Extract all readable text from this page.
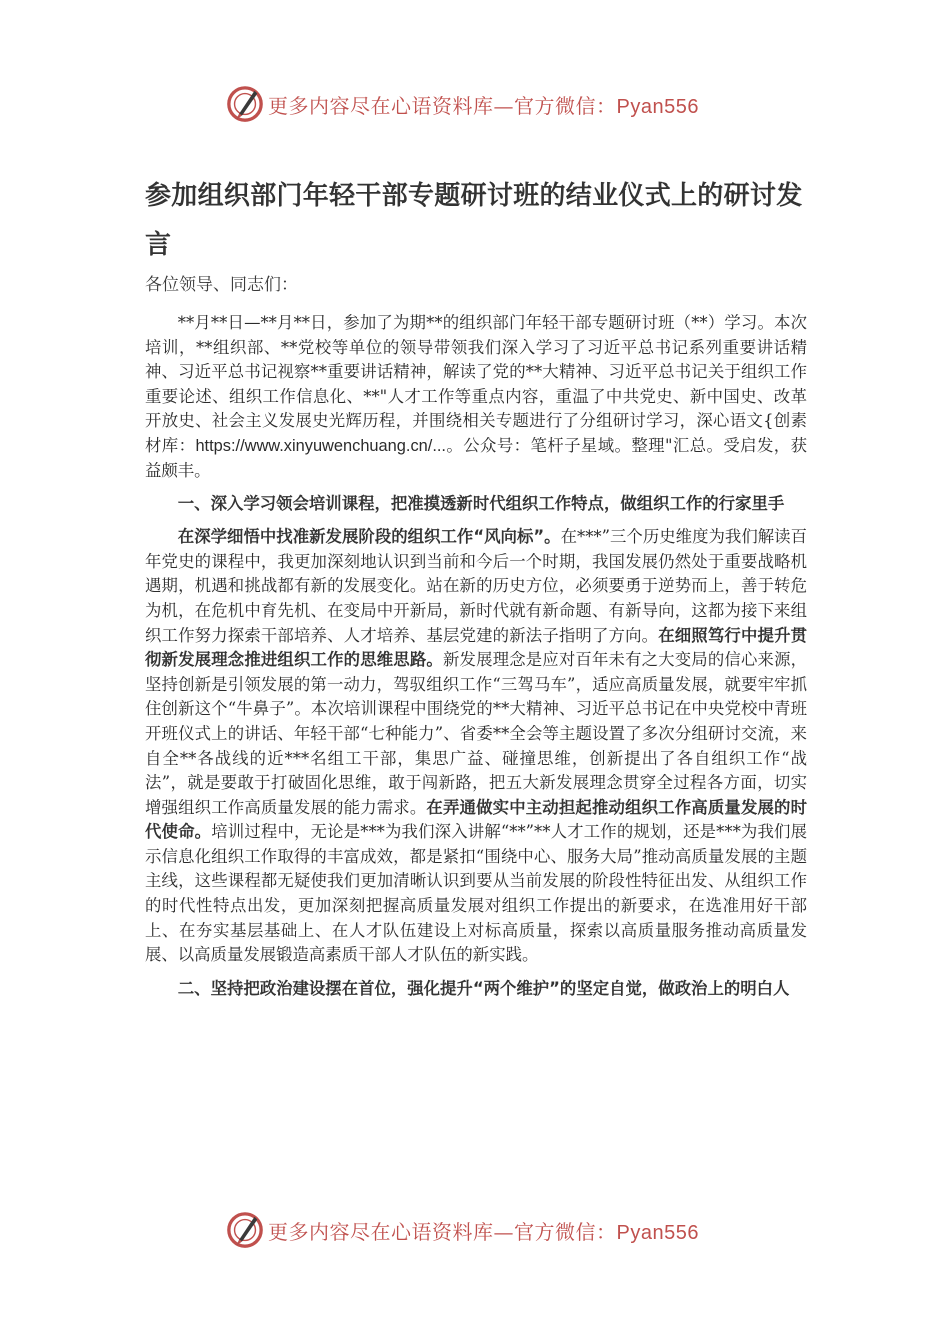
更多内容尽在心语资料库—官方微信：Pyan556
参加组织部门年轻干部专题研讨班的结业仪式上的研讨发言

各位领导、同志们：

**月**日—**月**日，参加了为期**的组织部门年轻干部专题研讨班（**）学习。本次培训，**组织部、**党校等单位的领导带领我们深入学习了习近平总书记系列重要讲话精神、习近平总书记视察**重要讲话精神，解读了党的**大精神、习近平总书记关于组织工作重要论述、组织工作信息化、**"人才工作等重点内容，重温了中共党史、新中国史、改革开放史、社会主义发展史光辉历程，并围绕相关专题进行了分组研讨学习，深心语文{创素材库：https://www.xinyuwenchuang.cn/...。公众号：笔杆子星域。整理"汇总。受启发，获益颇丰。

一、深入学习领会培训课程，把准摸透新时代组织工作特点，做组织工作的行家里手

在深学细悟中找准新发展阶段的组织工作“风向标”。在***”三个历史维度为我们解读百年党史的课程中，我更加深刻地认识到当前和今后一个时期，我国发展仍然处于重要战略机遇期，机遇和挑战都有新的发展变化。站在新的历史方位，必须要勇于逆势而上，善于转危为机，在危机中育先机、在变局中开新局，新时代就有新命题、有新导向，这都为接下来组织工作努力探索干部培养、人才培养、基层党建的新法子指明了方向。在细照笃行中提升贯彻新发展理念推进组织工作的思维思路。新发展理念是应对百年未有之大变局的信心来源，坚持创新是引领发展的第一动力，驾驭组织工作“三驾马车”，适应高质量发展，就要牢牢抓住创新这个“牛鼻子”。本次培训课程中围绕党的**大精神、习近平总书记在中央党校中青班开班仪式上的讲话、年轻干部“七种能力”、省委**全会等主题设置了多次分组研讨交流，来自全**各战线的近***名组工干部，集思广益、碰撞思维，创新提出了各自组织工作“战法”，就是要敢于打破固化思维，敢于闯新路，把五大新发展理念贯穿全过程各方面，切实增强组织工作高质量发展的能力需求。在弄通做实中主动担起推动组织工作高质量发展的时代使命。培训过程中，无论是***为我们深入讲解“**”**人才工作的规划，还是***为我们展示信息化组织工作取得的丰富成效，都是紧扣“围绕中心、服务大局”推动高质量发展的主题主线，这些课程都无疑使我们更加清晰认识到要从当前发展的阶段性特征出发、从组织工作的时代性特点出发，更加深刻把握高质量发展对组织工作提出的新要求，在选准用好干部上、在夯实基层基础上、在人才队伍建设上对标高质量，探索以高质量服务推动高质量发展、以高质量发展锻造高素质干部人才队伍的新实践。

二、坚持把政治建设摆在首位，强化提升“两个维护”的坚定自觉，做政治上的明白人

更多内容尽在心语资料库—官方微信：Pyan556
